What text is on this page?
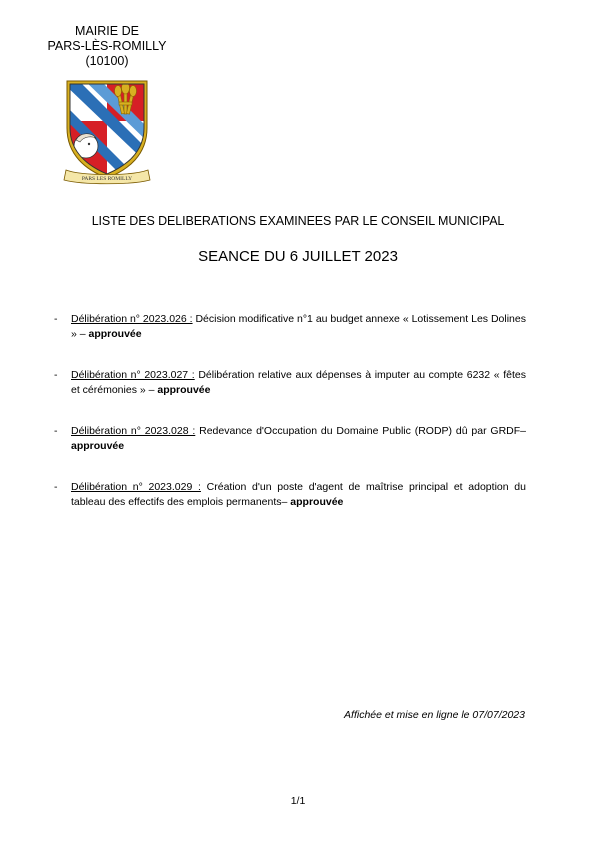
MAIRIE DE
PARS-LÈS-ROMILLY
(10100)
PARS LES ROMILLY
LISTE DES DELIBERATIONS EXAMINEES PAR LE CONSEIL MUNICIPAL
SEANCE DU 6 JUILLET 2023
- Délibération n° 2023.026 : Décision modificative n°1 au budget annexe « Lotissement Les Dolines » – approuvée
- Délibération n° 2023.027 : Délibération relative aux dépenses à imputer au compte 6232 « fêtes et cérémonies » – approuvée
- Délibération n° 2023.028 : Redevance d'Occupation du Domaine Public (RODP) dû par GRDF– approuvée
- Délibération n° 2023.029 : Création d'un poste d'agent de maîtrise principal et adoption du tableau des effectifs des emplois permanents– approuvée
Affichée et mise en ligne le 07/07/2023
1/1
